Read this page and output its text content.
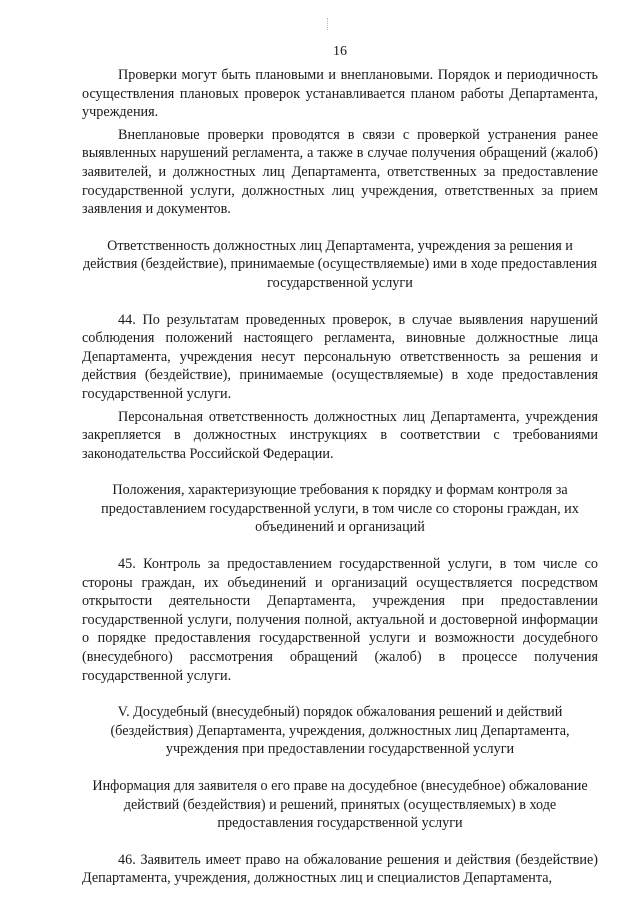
16

Проверки могут быть плановыми и внеплановыми. Порядок и периодичность осуществления плановых проверок устанавливается планом работы Департамента, учреждения.

Внеплановые проверки проводятся в связи с проверкой устранения ранее выявленных нарушений регламента, а также в случае получения обращений (жалоб) заявителей, и должностных лиц Департамента, ответственных за предоставление государственной услуги, должностных лиц учреждения, ответственных за прием заявления и документов.

Ответственность должностных лиц Департамента, учреждения за решения и действия (бездействие), принимаемые (осуществляемые) ими в ходе предоставления государственной услуги

44. По результатам проведенных проверок, в случае выявления нарушений соблюдения положений настоящего регламента, виновные должностные лица Департамента, учреждения несут персональную ответственность за решения и действия (бездействие), принимаемые (осуществляемые) в ходе предоставления государственной услуги.

Персональная ответственность должностных лиц Департамента, учреждения закрепляется в должностных инструкциях в соответствии с требованиями законодательства Российской Федерации.

Положения, характеризующие требования к порядку и формам контроля за предоставлением государственной услуги, в том числе со стороны граждан, их объединений и организаций

45. Контроль за предоставлением государственной услуги, в том числе со стороны граждан, их объединений и организаций осуществляется посредством открытости деятельности Департамента, учреждения при предоставлении государственной услуги, получения полной, актуальной и достоверной информации о порядке предоставления государственной услуги и возможности досудебного (внесудебного) рассмотрения обращений (жалоб) в процессе получения государственной услуги.

V. Досудебный (внесудебный) порядок обжалования решений и действий (бездействия) Департамента, учреждения, должностных лиц Департамента, учреждения при предоставлении государственной услуги

Информация для заявителя о его праве на досудебное (внесудебное) обжалование действий (бездействия) и решений, принятых (осуществляемых) в ходе предоставления государственной услуги

46. Заявитель имеет право на обжалование решения и действия (бездействие) Департамента, учреждения, должностных лиц и специалистов Департамента,
